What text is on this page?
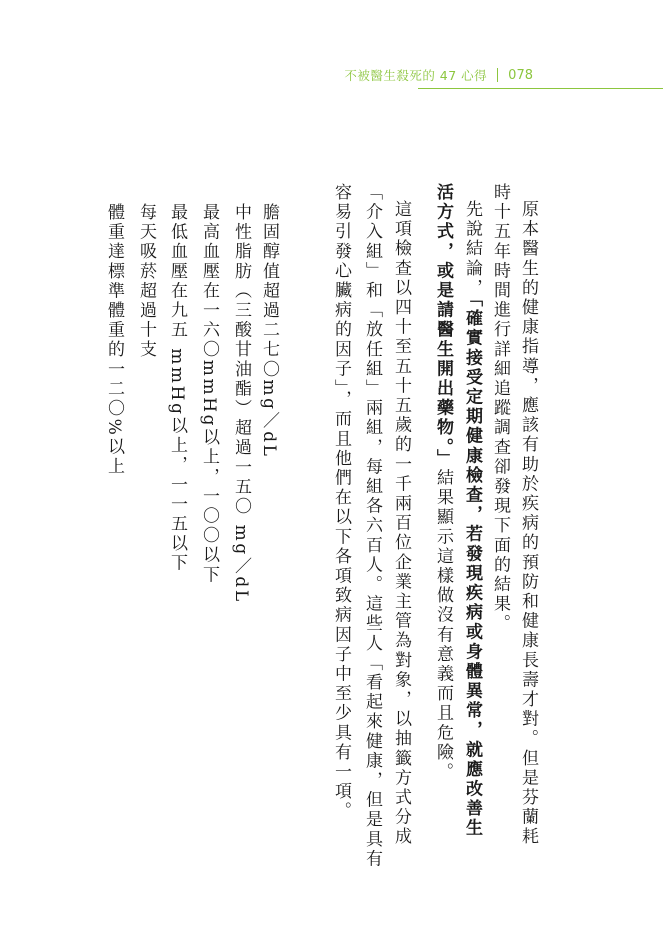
不被醫生殺死的 47 心得 078
原本醫生的健康指導，應該有助於疾病的預防和健康長壽才對。但是芬蘭耗
時十五年時間進行詳細追蹤調查卻發現下面的結果。
先說結論，「確實接受定期健康檢查，若發現疾病或身體異常，就應改善生
活方式，或是請醫生開出藥物。」結果顯示這樣做沒有意義而且危險。
這項檢查以四十至五十五歲的一千兩百位企業主管為對象，以抽籤方式分成
「介入組」和「放任組」兩組，每組各六百人。這些人「看起來健康，但是具有
容易引發心臟病的因子」，而且他們在以下各項致病因子中至少具有一項。
膽固醇值超過二七〇mg／dL
中性脂肪（三酸甘油酯）超過一五〇 mg／dL
最高血壓在一六〇mmHg以上，一〇〇以下
最低血壓在九五 mmHg以上，一一五以下
每天吸菸超過十支
體重達標準體重的一二〇%以上
